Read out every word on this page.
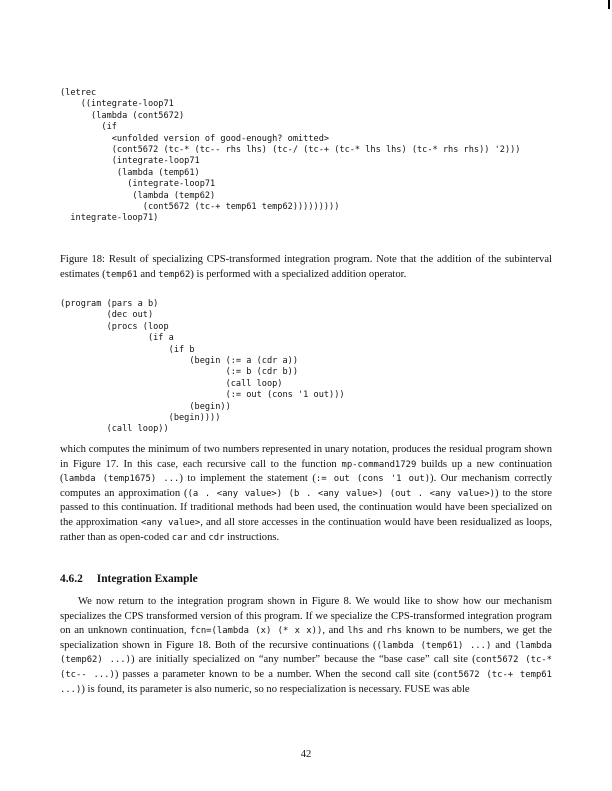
(letrec
((integrate-loop71
(lambda (cont5672)
(if
<unfolded version of good-enough? omitted>
(cont5672 (tc-* (tc-- rhs lhs) (tc-/ (tc-+ (tc-* lhs lhs) (tc-* rhs rhs)) '2)))
(integrate-loop71
(lambda (temp61)
(integrate-loop71
(lambda (temp62)
(cont5672 (tc-+ temp61 temp62)))))))))
integrate-loop71)
Figure 18: Result of specializing CPS-transformed integration program. Note that the addition of the subinterval estimates (temp61 and temp62) is performed with a specialized addition operator.
(program (pars a b)
(dec out)
(procs (loop
(if a
(if b
(begin (:= a (cdr a))
(:= b (cdr b))
(call loop)
(:= out (cons '1 out)))
(begin))
(begin))))
(call loop))
which computes the minimum of two numbers represented in unary notation, produces the residual program shown in Figure 17. In this case, each recursive call to the function mp-command1729 builds up a new continuation (lambda (temp1675) ...) to implement the statement (:= out (cons '1 out)). Our mechanism correctly computes an approximation ((a . <any value>) (b . <any value>) (out . <any value>)) to the store passed to this continuation. If traditional methods had been used, the continuation would have been specialized on the approximation <any value>, and all store accesses in the continuation would have been residualized as loops, rather than as open-coded car and cdr instructions.
4.6.2 Integration Example
We now return to the integration program shown in Figure 8. We would like to show how our mechanism specializes the CPS transformed version of this program. If we specialize the CPS-transformed integration program on an unknown continuation, fcn=(lambda (x) (* x x)), and lhs and rhs known to be numbers, we get the specialization shown in Figure 18. Both of the recursive continuations ((lambda (temp61) ...) and (lambda (temp62) ...)) are initially specialized on “any number” because the “base case” call site (cont5672 (tc-* (tc-- ...)) passes a parameter known to be a number. When the second call site (cont5672 (tc-+ temp61 ...)) is found, its parameter is also numeric, so no respecialization is necessary. FUSE was able
42
